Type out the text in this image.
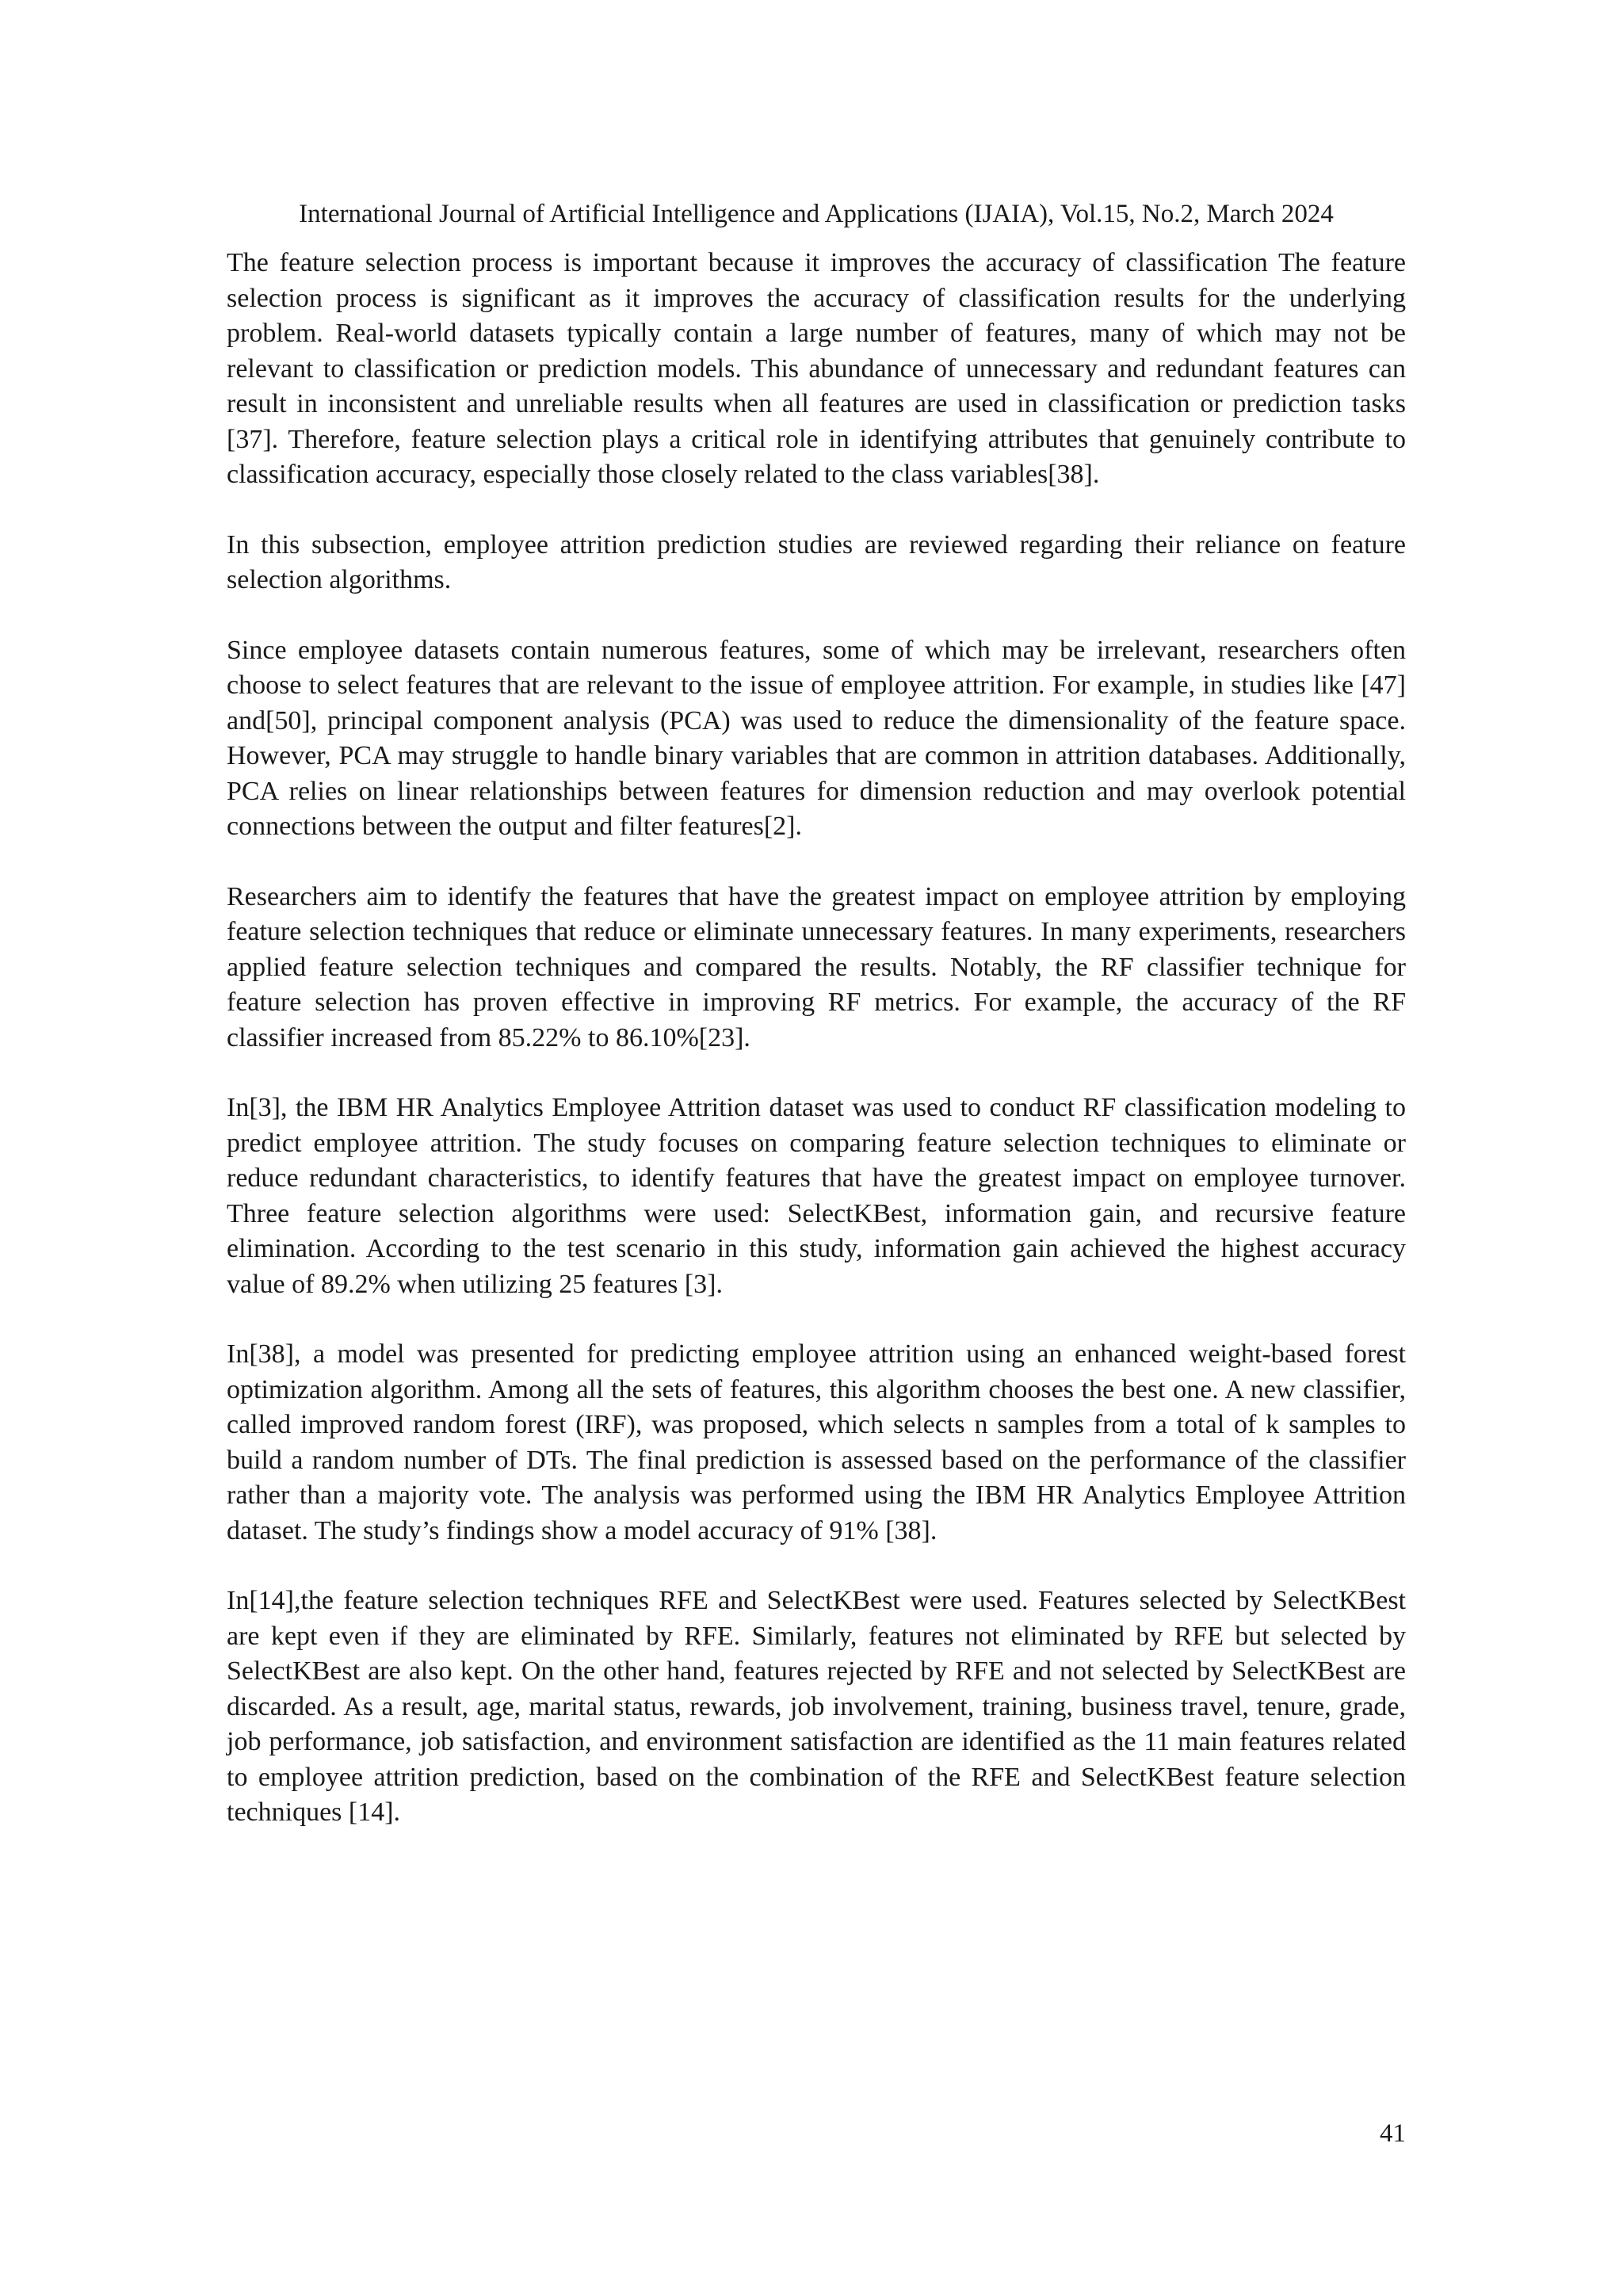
International Journal of Artificial Intelligence and Applications (IJAIA), Vol.15, No.2, March 2024

The feature selection process is important because it improves the accuracy of classification The feature selection process is significant as it improves the accuracy of classification results for the underlying problem. Real-world datasets typically contain a large number of features, many of which may not be relevant to classification or prediction models. This abundance of unnecessary and redundant features can result in inconsistent and unreliable results when all features are used in classification or prediction tasks [37]. Therefore, feature selection plays a critical role in identifying attributes that genuinely contribute to classification accuracy, especially those closely related to the class variables[38].

In this subsection, employee attrition prediction studies are reviewed regarding their reliance on feature selection algorithms.

Since employee datasets contain numerous features, some of which may be irrelevant, researchers often choose to select features that are relevant to the issue of employee attrition. For example, in studies like [47] and[50], principal component analysis (PCA) was used to reduce the dimensionality of the feature space. However, PCA may struggle to handle binary variables that are common in attrition databases. Additionally, PCA relies on linear relationships between features for dimension reduction and may overlook potential connections between the output and filter features[2].

Researchers aim to identify the features that have the greatest impact on employee attrition by employing feature selection techniques that reduce or eliminate unnecessary features. In many experiments, researchers applied feature selection techniques and compared the results. Notably, the RF classifier technique for feature selection has proven effective in improving RF metrics. For example, the accuracy of the RF classifier increased from 85.22% to 86.10%[23].

In[3], the IBM HR Analytics Employee Attrition dataset was used to conduct RF classification modeling to predict employee attrition. The study focuses on comparing feature selection techniques to eliminate or reduce redundant characteristics, to identify features that have the greatest impact on employee turnover. Three feature selection algorithms were used: SelectKBest, information gain, and recursive feature elimination. According to the test scenario in this study, information gain achieved the highest accuracy value of 89.2% when utilizing 25 features [3].

In[38], a model was presented for predicting employee attrition using an enhanced weight-based forest optimization algorithm. Among all the sets of features, this algorithm chooses the best one. A new classifier, called improved random forest (IRF), was proposed, which selects n samples from a total of k samples to build a random number of DTs. The final prediction is assessed based on the performance of the classifier rather than a majority vote. The analysis was performed using the IBM HR Analytics Employee Attrition dataset. The study’s findings show a model accuracy of 91% [38].

In[14],the feature selection techniques RFE and SelectKBest were used. Features selected by SelectKBest are kept even if they are eliminated by RFE. Similarly, features not eliminated by RFE but selected by SelectKBest are also kept. On the other hand, features rejected by RFE and not selected by SelectKBest are discarded. As a result, age, marital status, rewards, job involvement, training, business travel, tenure, grade, job performance, job satisfaction, and environment satisfaction are identified as the 11 main features related to employee attrition prediction, based on the combination of the RFE and SelectKBest feature selection techniques [14].

41
